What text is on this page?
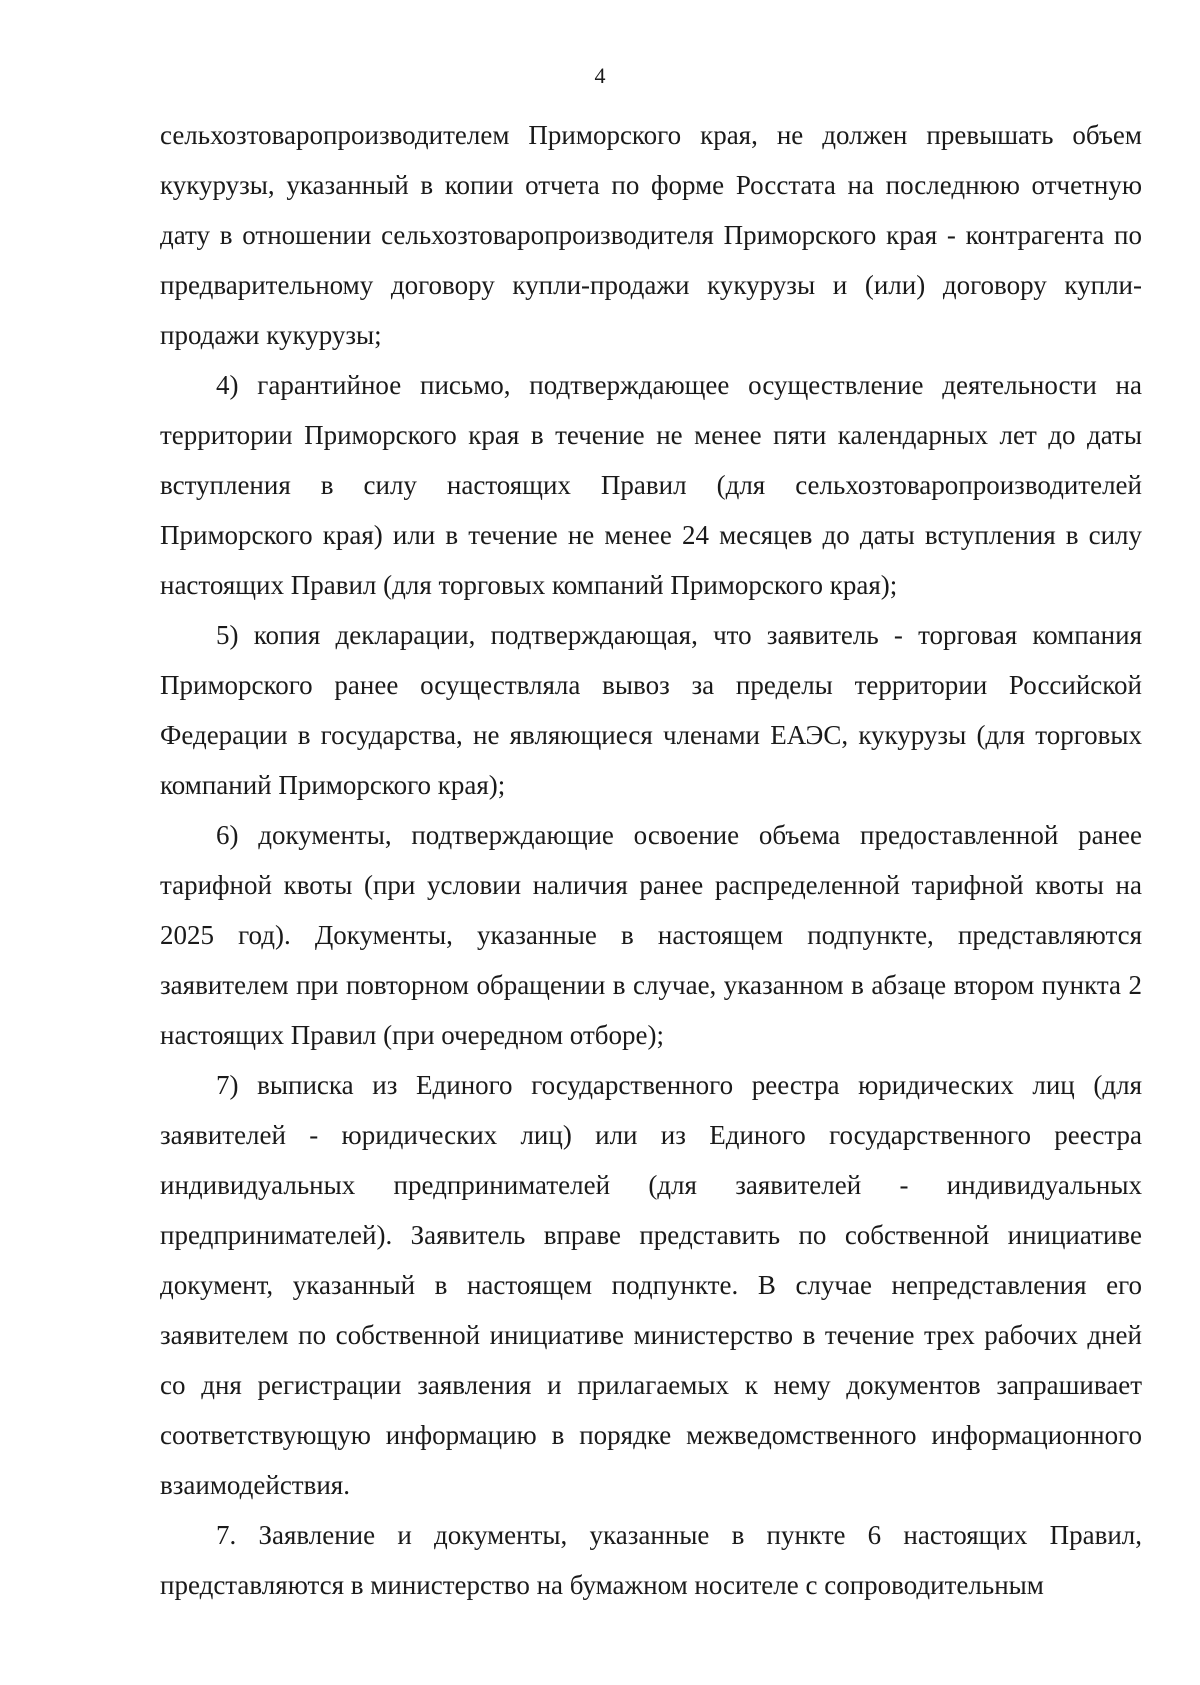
4

сельхозтоваропроизводителем Приморского края, не должен превышать объем кукурузы, указанный в копии отчета по форме Росстата на последнюю отчетную дату в отношении сельхозтоваропроизводителя Приморского края - контрагента по предварительному договору купли-продажи кукурузы и (или) договору купли-продажи кукурузы;

4) гарантийное письмо, подтверждающее осуществление деятельности на территории Приморского края в течение не менее пяти календарных лет до даты вступления в силу настоящих Правил (для сельхозтоваропроизводителей Приморского края) или в течение не менее 24 месяцев до даты вступления в силу настоящих Правил (для торговых компаний Приморского края);

5) копия декларации, подтверждающая, что заявитель - торговая компания Приморского ранее осуществляла вывоз за пределы территории Российской Федерации в государства, не являющиеся членами ЕАЭС, кукурузы (для торговых компаний Приморского края);

6) документы, подтверждающие освоение объема предоставленной ранее тарифной квоты (при условии наличия ранее распределенной тарифной квоты на 2025 год). Документы, указанные в настоящем подпункте, представляются заявителем при повторном обращении в случае, указанном в абзаце втором пункта 2 настоящих Правил (при очередном отборе);

7) выписка из Единого государственного реестра юридических лиц (для заявителей - юридических лиц) или из Единого государственного реестра индивидуальных предпринимателей (для заявителей - индивидуальных предпринимателей). Заявитель вправе представить по собственной инициативе документ, указанный в настоящем подпункте. В случае непредставления его заявителем по собственной инициативе министерство в течение трех рабочих дней со дня регистрации заявления и прилагаемых к нему документов запрашивает соответствующую информацию в порядке межведомственного информационного взаимодействия.

7. Заявление и документы, указанные в пункте 6 настоящих Правил, представляются в министерство на бумажном носителе с сопроводительным
